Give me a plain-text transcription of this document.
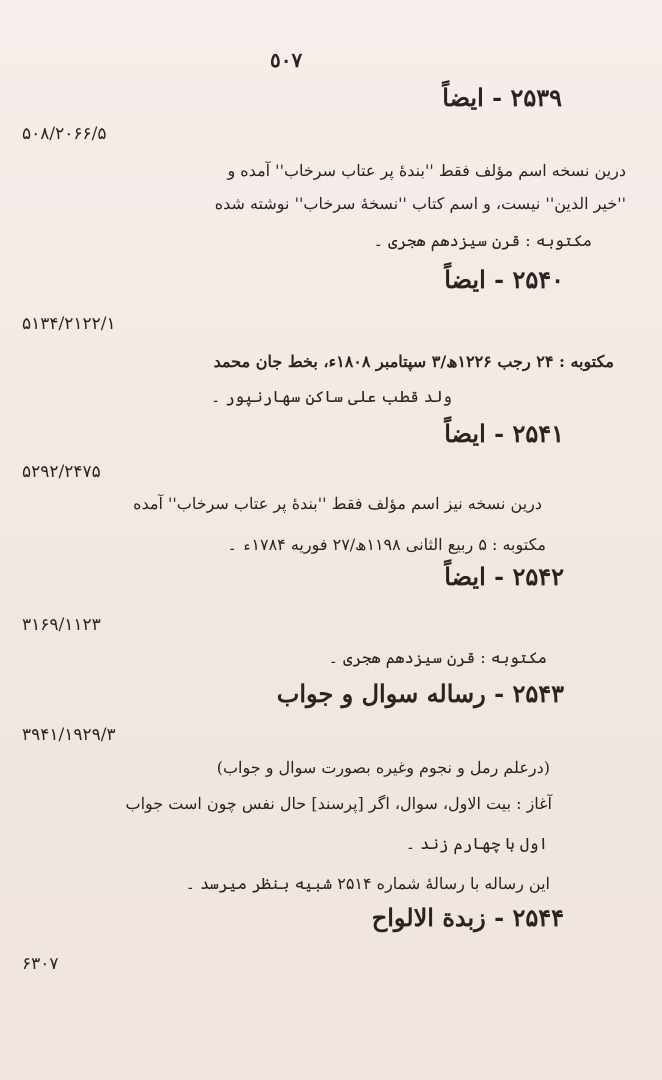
٥٠٧
۲۵۳۹ - ایضاً
۵٠٨/۲٠۶۶/۵
درین نسخه اسم مؤلف فقط ''بندهٔ پر عتاب سرخاب'' آمده و
''خیر الدین'' نیست، و اسم کتاب ''نسخهٔ سرخاب'' نوشته شده
مکتوبه : قرن سیزدهم هجری ۔
۲۵۴٠ - ایضاً
۵۱۳۴/۲۱۲۲/۱
مکتوبه : ۲۴ رجب ۱۲۲۶ھ/۳ سپتامبر ۱۸٠۸ء، بخط جان محمد
ولد قطب علی ساکن سهارنپور ۔
۲۵۴۱ - ایضاً
۵۲۹۲/۲۴۷۵
درین نسخه نیز اسم مؤلف فقط ''بندهٔ پر عتاب سرخاب'' آمده
مکتوبه : ۵ ربیع الثانی ۱۱۹۸ھ/۲۷ فوریه ۱۷۸۴ء ۔
۲۵۴۲ - ایضاً
۳۱۶۹/۱۱۲۳
مکتوبه : قرن سیزدهم هجری ۔
۲۵۴۳ - رساله سوال و جواب
۳۹۴۱/۱۹۲۹/۳
(درعلم رمل و نجوم وغیره بصورت سوال و جواب)
آغاز : بیت الاول، سوال، اگر [پرسند] حال نفس چون است جواب
اول با چهارم زند ۔
این رساله با رسالهٔ شماره ۲۵۱۴ شبیه بنظر میرسد ۔
۲۵۴۴ - زبدة الالواح
۶۳٠۷
